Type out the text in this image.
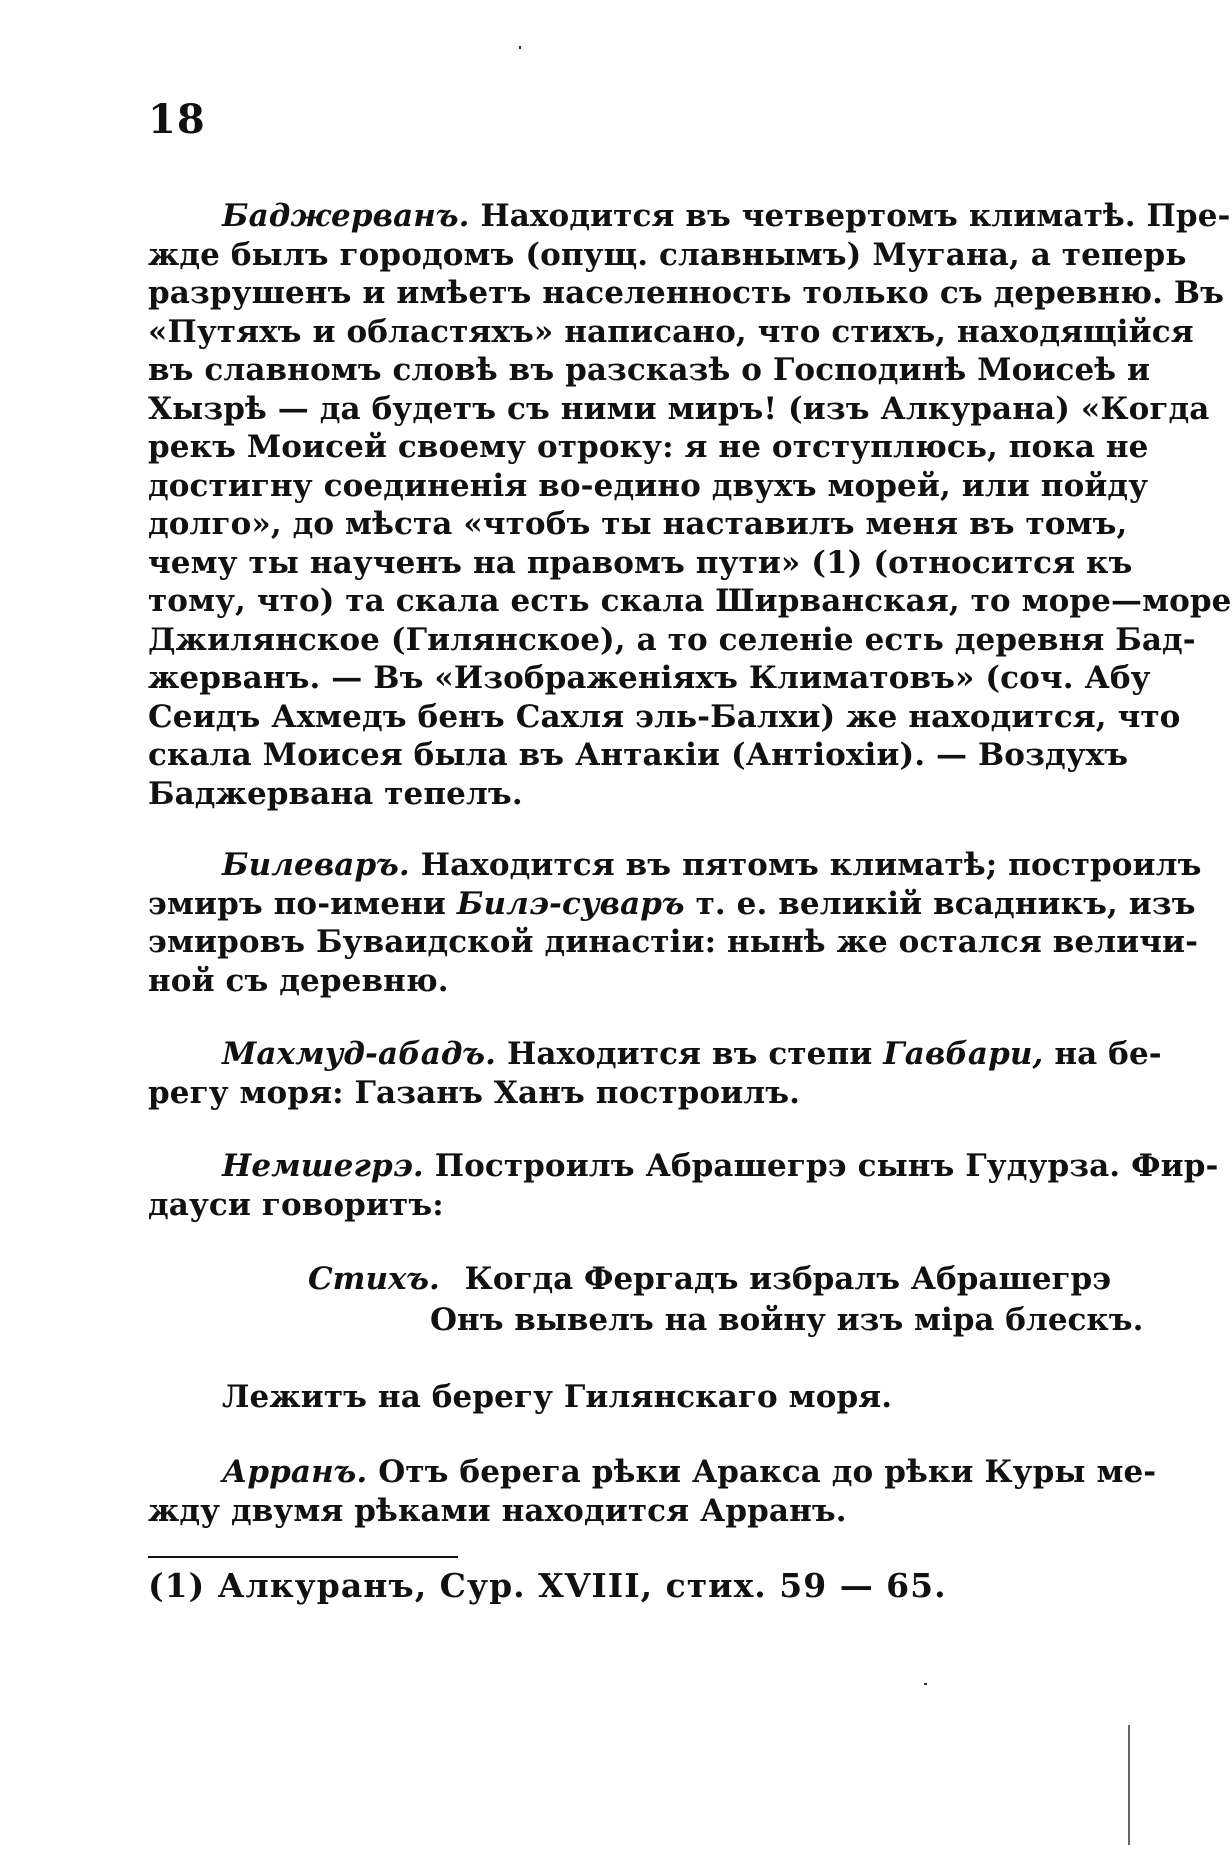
18
Баджерванъ. Находится въ четвертомъ климатѣ. Пре-
жде былъ городомъ (опущ. славнымъ) Мугана, а теперь
разрушенъ и имѣетъ населенность только съ деревню. Въ
«Путяхъ и областяхъ» написано, что стихъ, находящійся
въ славномъ словѣ въ разсказѣ о Господинѣ Моисеѣ и
Хызрѣ — да будетъ съ ними миръ! (изъ Алкурана) «Когда
рекъ Моисей своему отроку: я не отступлюсь, пока не
достигну соединенія во-едино двухъ морей, или пойду
долго», до мѣста «чтобъ ты наставилъ меня въ томъ,
чему ты наученъ на правомъ пути» (1) (относится къ
тому, что) та скала есть скала Ширванская, то море—море
Джилянское (Гилянское), а то селеніе есть деревня Бад-
жерванъ. — Въ «Изображеніяхъ Климатовъ» (соч. Абу
Сеидъ Ахмедъ бенъ Сахля эль-Балхи) же находится, что
скала Моисея была въ Антакіи (Антіохіи). — Воздухъ
Баджервана тепелъ.
Билеваръ. Находится въ пятомъ климатѣ; построилъ
эмиръ по-имени Билэ-суваръ т. е. великій всадникъ, изъ
эмировъ Буваидской династіи: нынѣ же остался величи-
ной съ деревню.
Махмуд-абадъ. Находится въ степи Гавбари, на бе-
регу моря: Газанъ Ханъ построилъ.
Немшегрэ. Построилъ Абрашегрэ сынъ Гудурза. Фир-
дауси говоритъ:
Стихъ. Когда Фергадъ избралъ Абрашегрэ
Онъ вывелъ на войну изъ міра блескъ.
Лежитъ на берегу Гилянскаго моря.
Арранъ. Отъ берега рѣки Аракса до рѣки Куры ме-
жду двумя рѣками находится Арранъ.
(1) Алкуранъ, Сур. XVIII, стих. 59 — 65.
